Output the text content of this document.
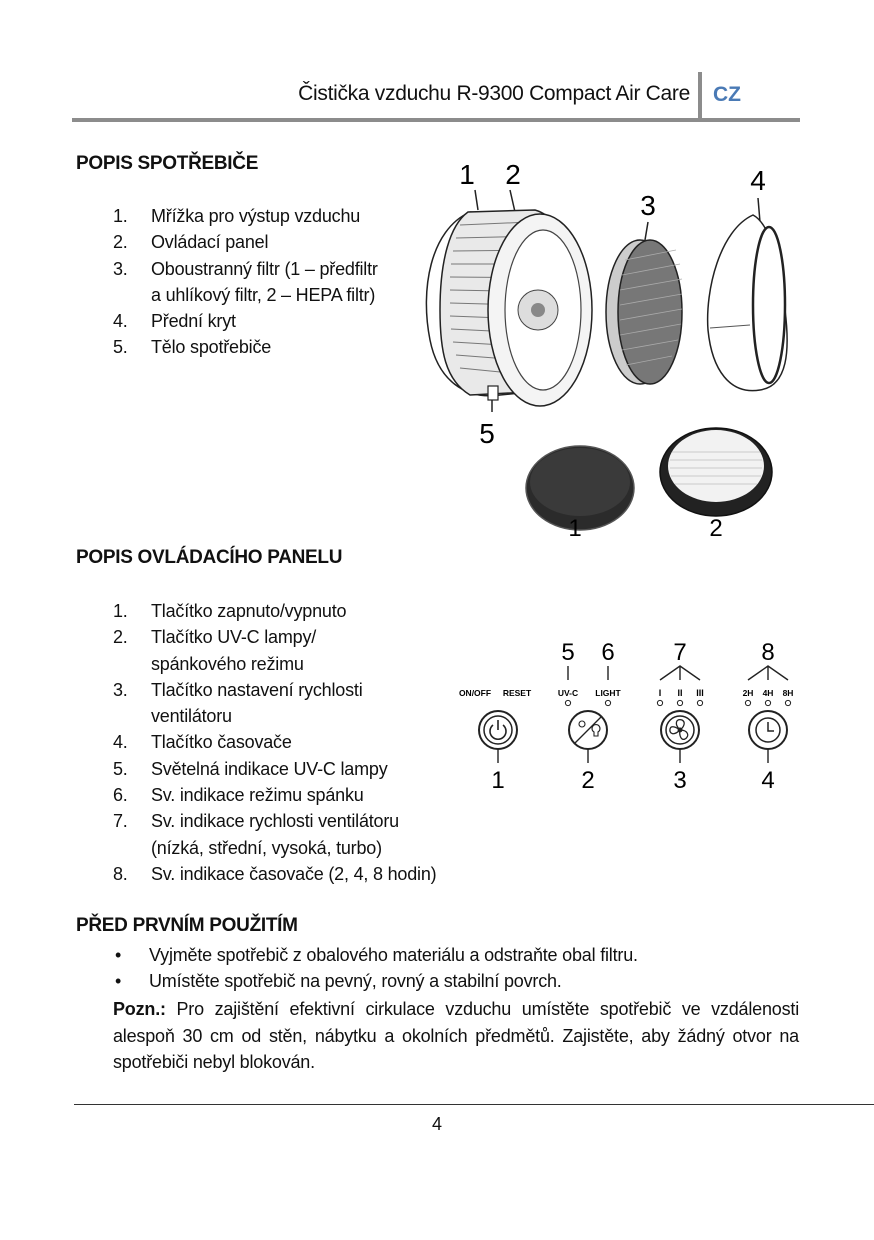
Čistička vzduchu R-9300 Compact Air Care CZ
POPIS SPOTŘEBIČE
1. Mřížka pro výstup vzduchu
2. Ovládací panel
3. Oboustranný filtr (1 – předfiltr
a uhlíkový filtr, 2 – HEPA filtr)
4. Přední kryt
5. Tělo spotřebiče
1 2
3
4
5
1	2
POPIS OVLÁDACÍHO PANELU
1. Tlačítko zapnuto/vypnuto
2. Tlačítko UV-C lampy/
spánkového režimu
3. Tlačítko nastavení rychlosti
ventilátoru
4. Tlačítko časovače
5. Světelná indikace UV-C lampy
6. Sv. indikace režimu spánku
7. Sv. indikace rychlosti ventilátoru
(nízká, střední, vysoká, turbo)
8. Sv. indikace časovače (2, 4, 8 hodin)
5 6 7	8
ON/OFF RESET	UV-C LIGHT	I II III	2H 4H 8H
1	2	3	4
PŘED PRVNÍM POUŽITÍM
• Vyjměte spotřebič z obalového materiálu a odstraňte obal filtru.
• Umístěte spotřebič na pevný, rovný a stabilní povrch.

Pozn.: Pro zajištění efektivní cirkulace vzduchu umístěte spotřebič ve vzdálenosti alespoň 30 cm od stěn, nábytku a okolních předmětů. Zajistěte, aby žádný otvor na spotřebiči nebyl blokován.

4
